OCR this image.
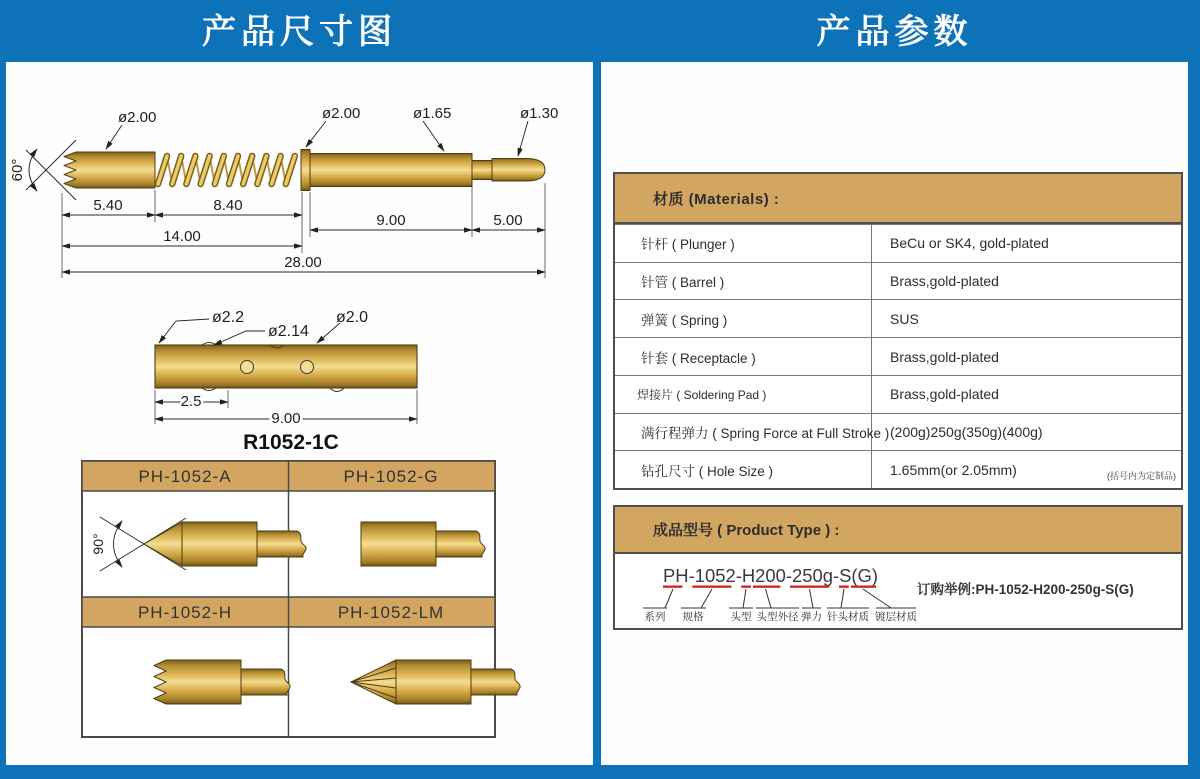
产品尺寸图	产品参数
60°
ø2.00	ø2.00	ø1.65	ø1.30
5.40	8.40
9.00	5.00
14.00
28.00
ø2.2
ø2.14
ø2.0
2.5
9.00
R1052-1C
PH-1052-A	PH-1052-G
PH-1052-H	PH-1052-LM
90°
材质 (Materials) :
针杆 ( Plunger )	BeCu or SK4, gold-plated
针管 ( Barrel )	Brass,gold-plated
弹簧 ( Spring )	SUS
针套 ( Receptacle )	Brass,gold-plated
焊接片 ( Soldering Pad )	Brass,gold-plated
满行程弹力 ( Spring Force at Full Stroke ) (200g)250g(350g)(400g)
钻孔尺寸 ( Hole Size )	1.65mm(or 2.05mm)	(括号内为定制品)
成品型号 ( Product Type ) :
PH-1052-H200-250g-S(G)
系列 规格	头型 头型外径 弹力 针头材质 镀层材质
订购举例:PH-1052-H200-250g-S(G)
